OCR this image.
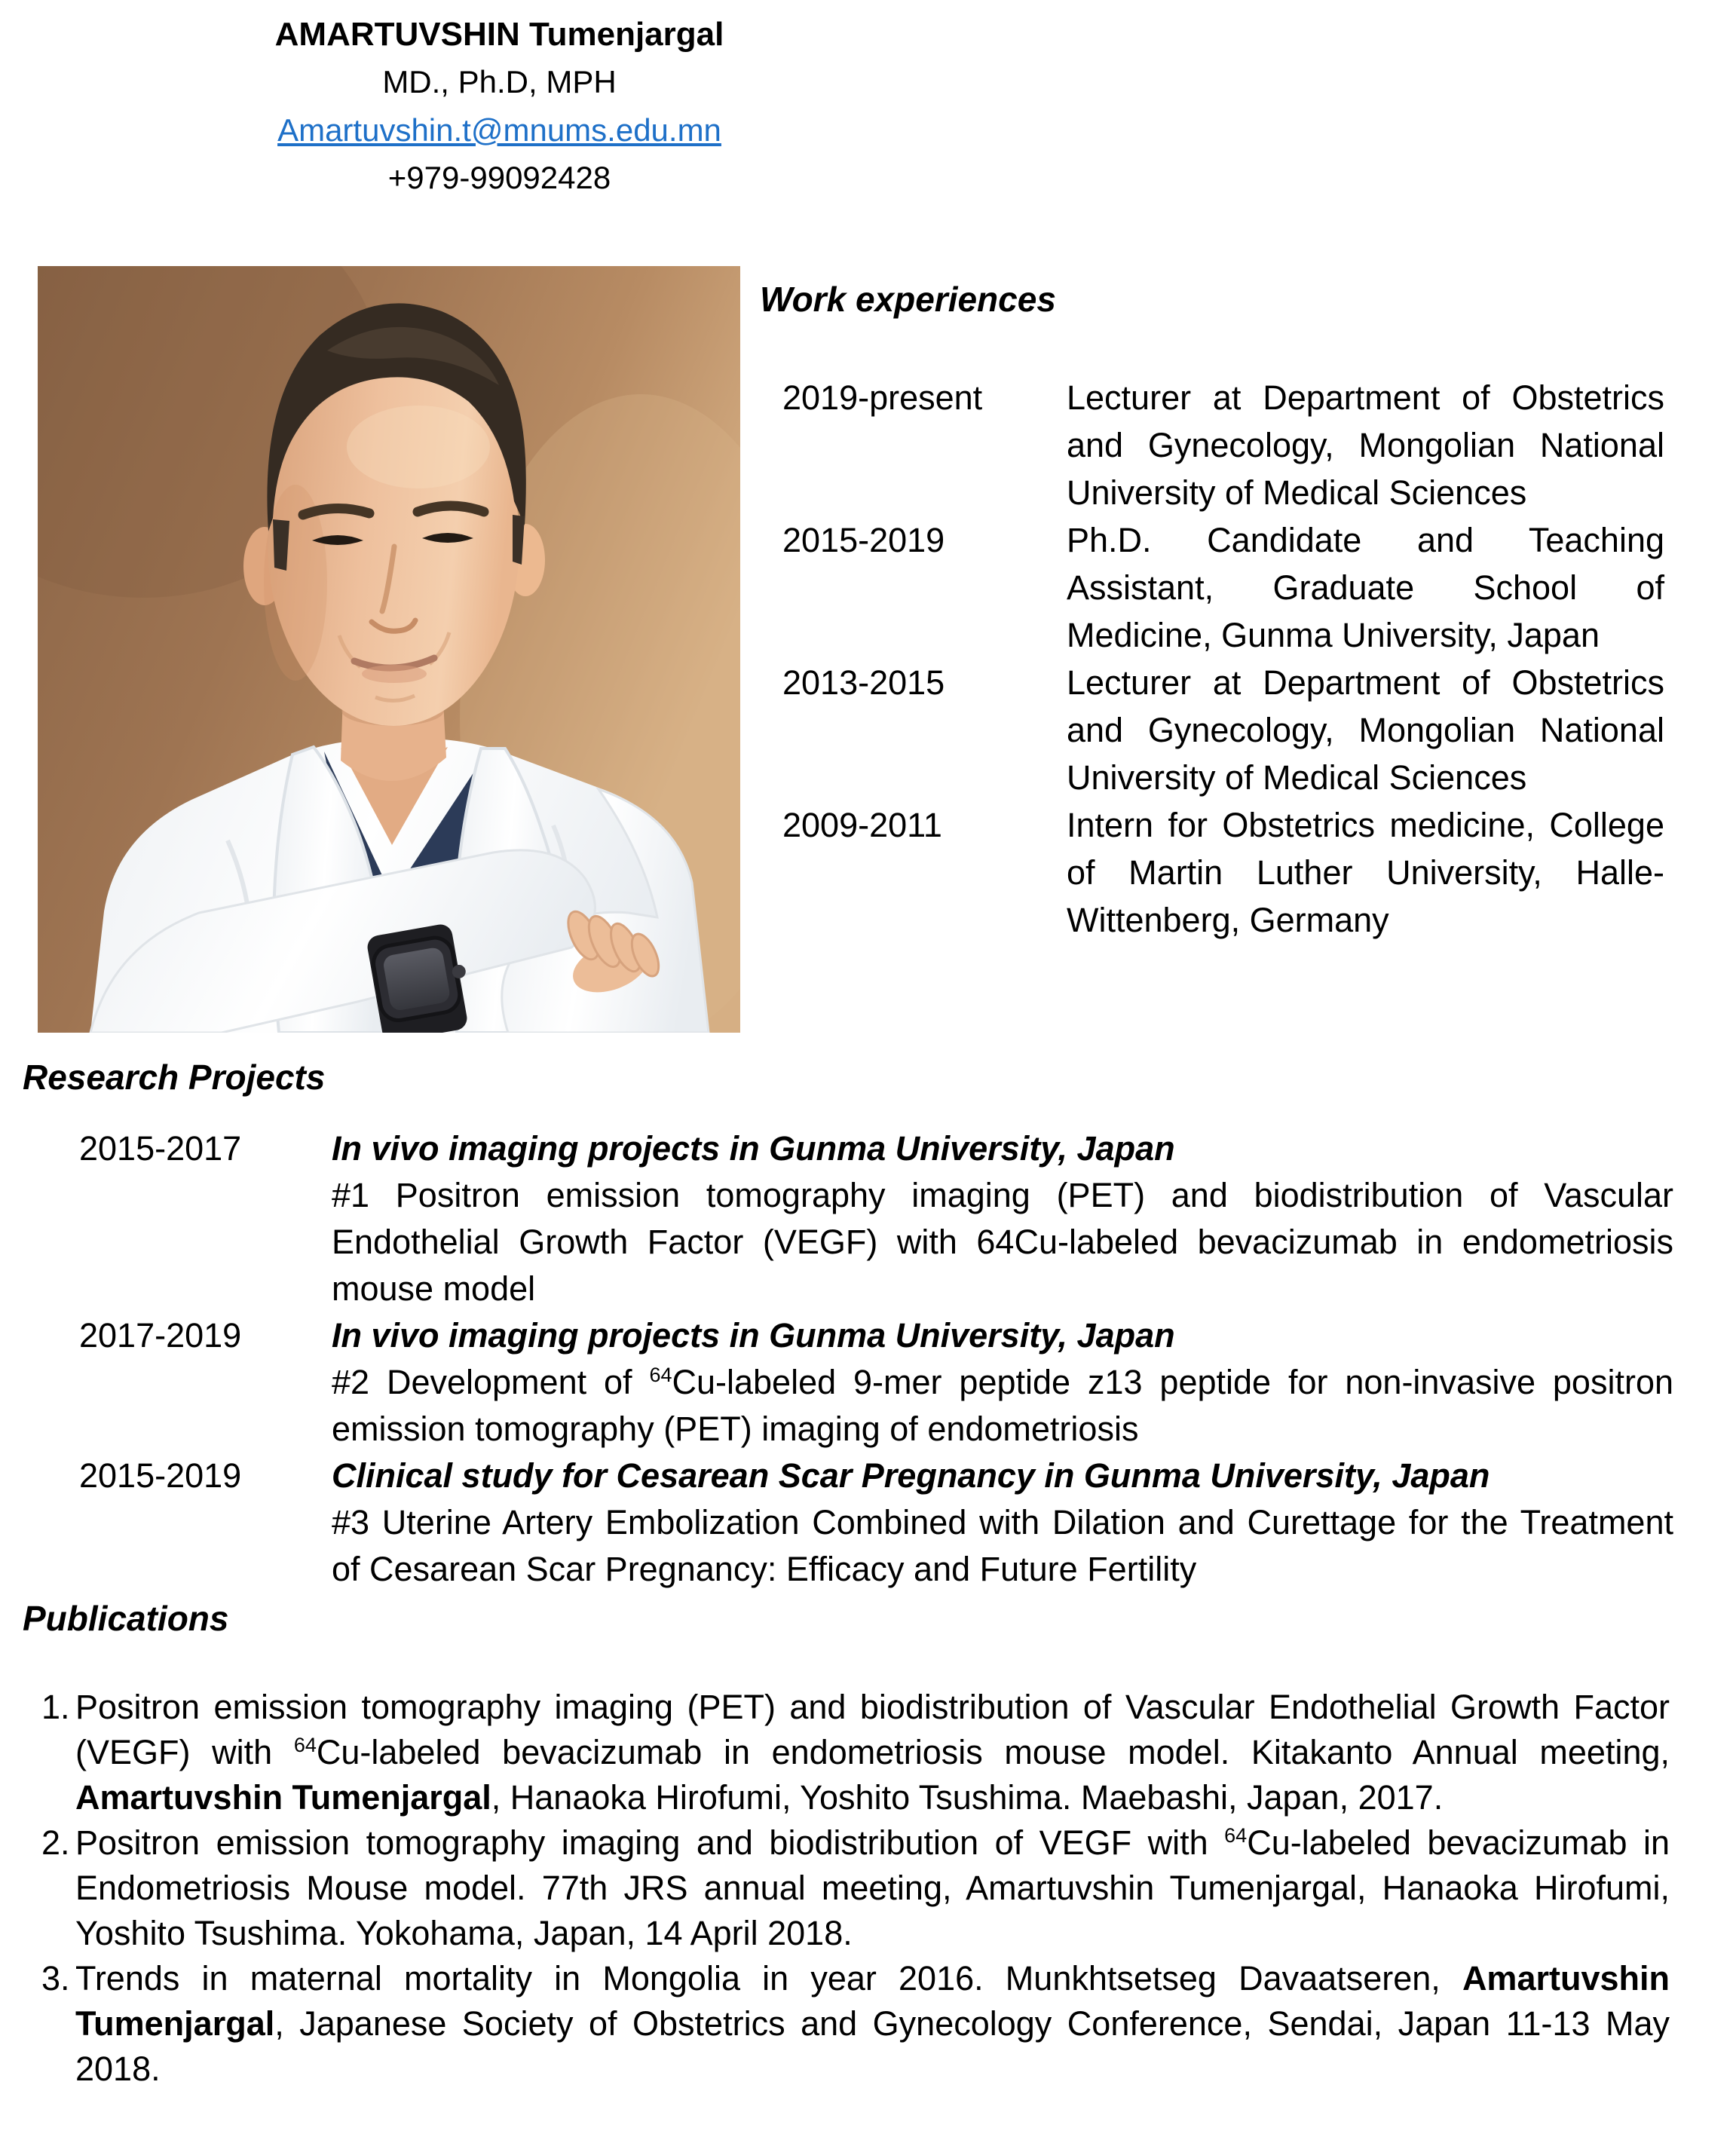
AMARTUVSHIN Tumenjargal
MD., Ph.D, MPH
Amartuvshin.t@mnums.edu.mn
+979-99092428
Work experiences
2019-present	Lecturer at Department of Obstetrics and Gynecology, Mongolian National University of Medical Sciences
2015-2019	Ph.D. Candidate and Teaching Assistant, Graduate School of Medicine, Gunma University, Japan
2013-2015	Lecturer at Department of Obstetrics and Gynecology, Mongolian National University of Medical Sciences
2009-2011	Intern for Obstetrics medicine, College of Martin Luther University, Halle-Wittenberg, Germany
Research Projects
2015-2017	In vivo imaging projects in Gunma University, Japan
#1 Positron emission tomography imaging (PET) and biodistribution of Vascular Endothelial Growth Factor (VEGF) with 64Cu-labeled bevacizumab in endometriosis mouse model
2017-2019	In vivo imaging projects in Gunma University, Japan
#2 Development of $^{64}$Cu-labeled 9-mer peptide z13 peptide for non-invasive positron emission tomography (PET) imaging of endometriosis
2015-2019	Clinical study for Cesarean Scar Pregnancy in Gunma University, Japan
#3 Uterine Artery Embolization Combined with Dilation and Curettage for the Treatment of Cesarean Scar Pregnancy: Efficacy and Future Fertility
Publications
1. Positron emission tomography imaging (PET) and biodistribution of Vascular Endothelial Growth Factor (VEGF) with $^{64}$Cu-labeled bevacizumab in endometriosis mouse model. Kitakanto Annual meeting, Amartuvshin Tumenjargal, Hanaoka Hirofumi, Yoshito Tsushima. Maebashi, Japan, 2017.
2. Positron emission tomography imaging and biodistribution of VEGF with $^{64}$Cu-labeled bevacizumab in Endometriosis Mouse model. 77th JRS annual meeting, Amartuvshin Tumenjargal, Hanaoka Hirofumi, Yoshito Tsushima. Yokohama, Japan, 14 April 2018.
3. Trends in maternal mortality in Mongolia in year 2016. Munkhtsetseg Davaatseren, Amartuvshin Tumenjargal, Japanese Society of Obstetrics and Gynecology Conference, Sendai, Japan 11-13 May 2018.
